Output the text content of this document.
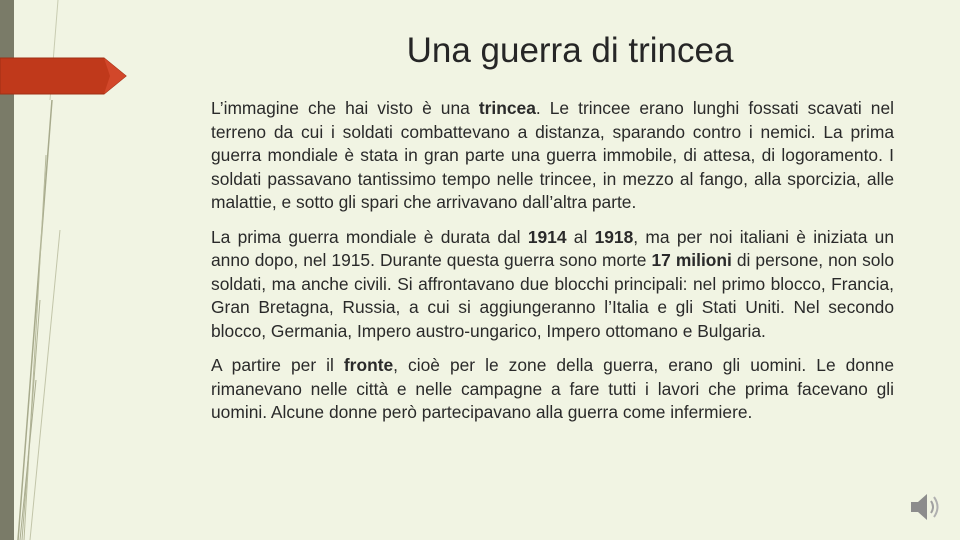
Una guerra di trincea

L’immagine che hai visto è una trincea. Le trincee erano lunghi fossati scavati nel terreno da cui i soldati combattevano a distanza, sparando contro i nemici. La prima guerra mondiale è stata in gran parte una guerra immobile, di attesa, di logoramento. I soldati passavano tantissimo tempo nelle trincee, in mezzo al fango, alla sporcizia, alle malattie, e sotto gli spari che arrivavano dall’altra parte.

La prima guerra mondiale è durata dal 1914 al 1918, ma per noi italiani è iniziata un anno dopo, nel 1915. Durante questa guerra sono morte 17 milioni di persone, non solo soldati, ma anche civili. Si affrontavano due blocchi principali: nel primo blocco, Francia, Gran Bretagna, Russia, a cui si aggiungeranno l’Italia e gli Stati Uniti. Nel secondo blocco, Germania, Impero austro-ungarico, Impero ottomano e Bulgaria.

A partire per il fronte, cioè per le zone della guerra, erano gli uomini. Le donne rimanevano nelle città e nelle campagne a fare tutti i lavori che prima facevano gli uomini. Alcune donne però partecipavano alla guerra come infermiere.
